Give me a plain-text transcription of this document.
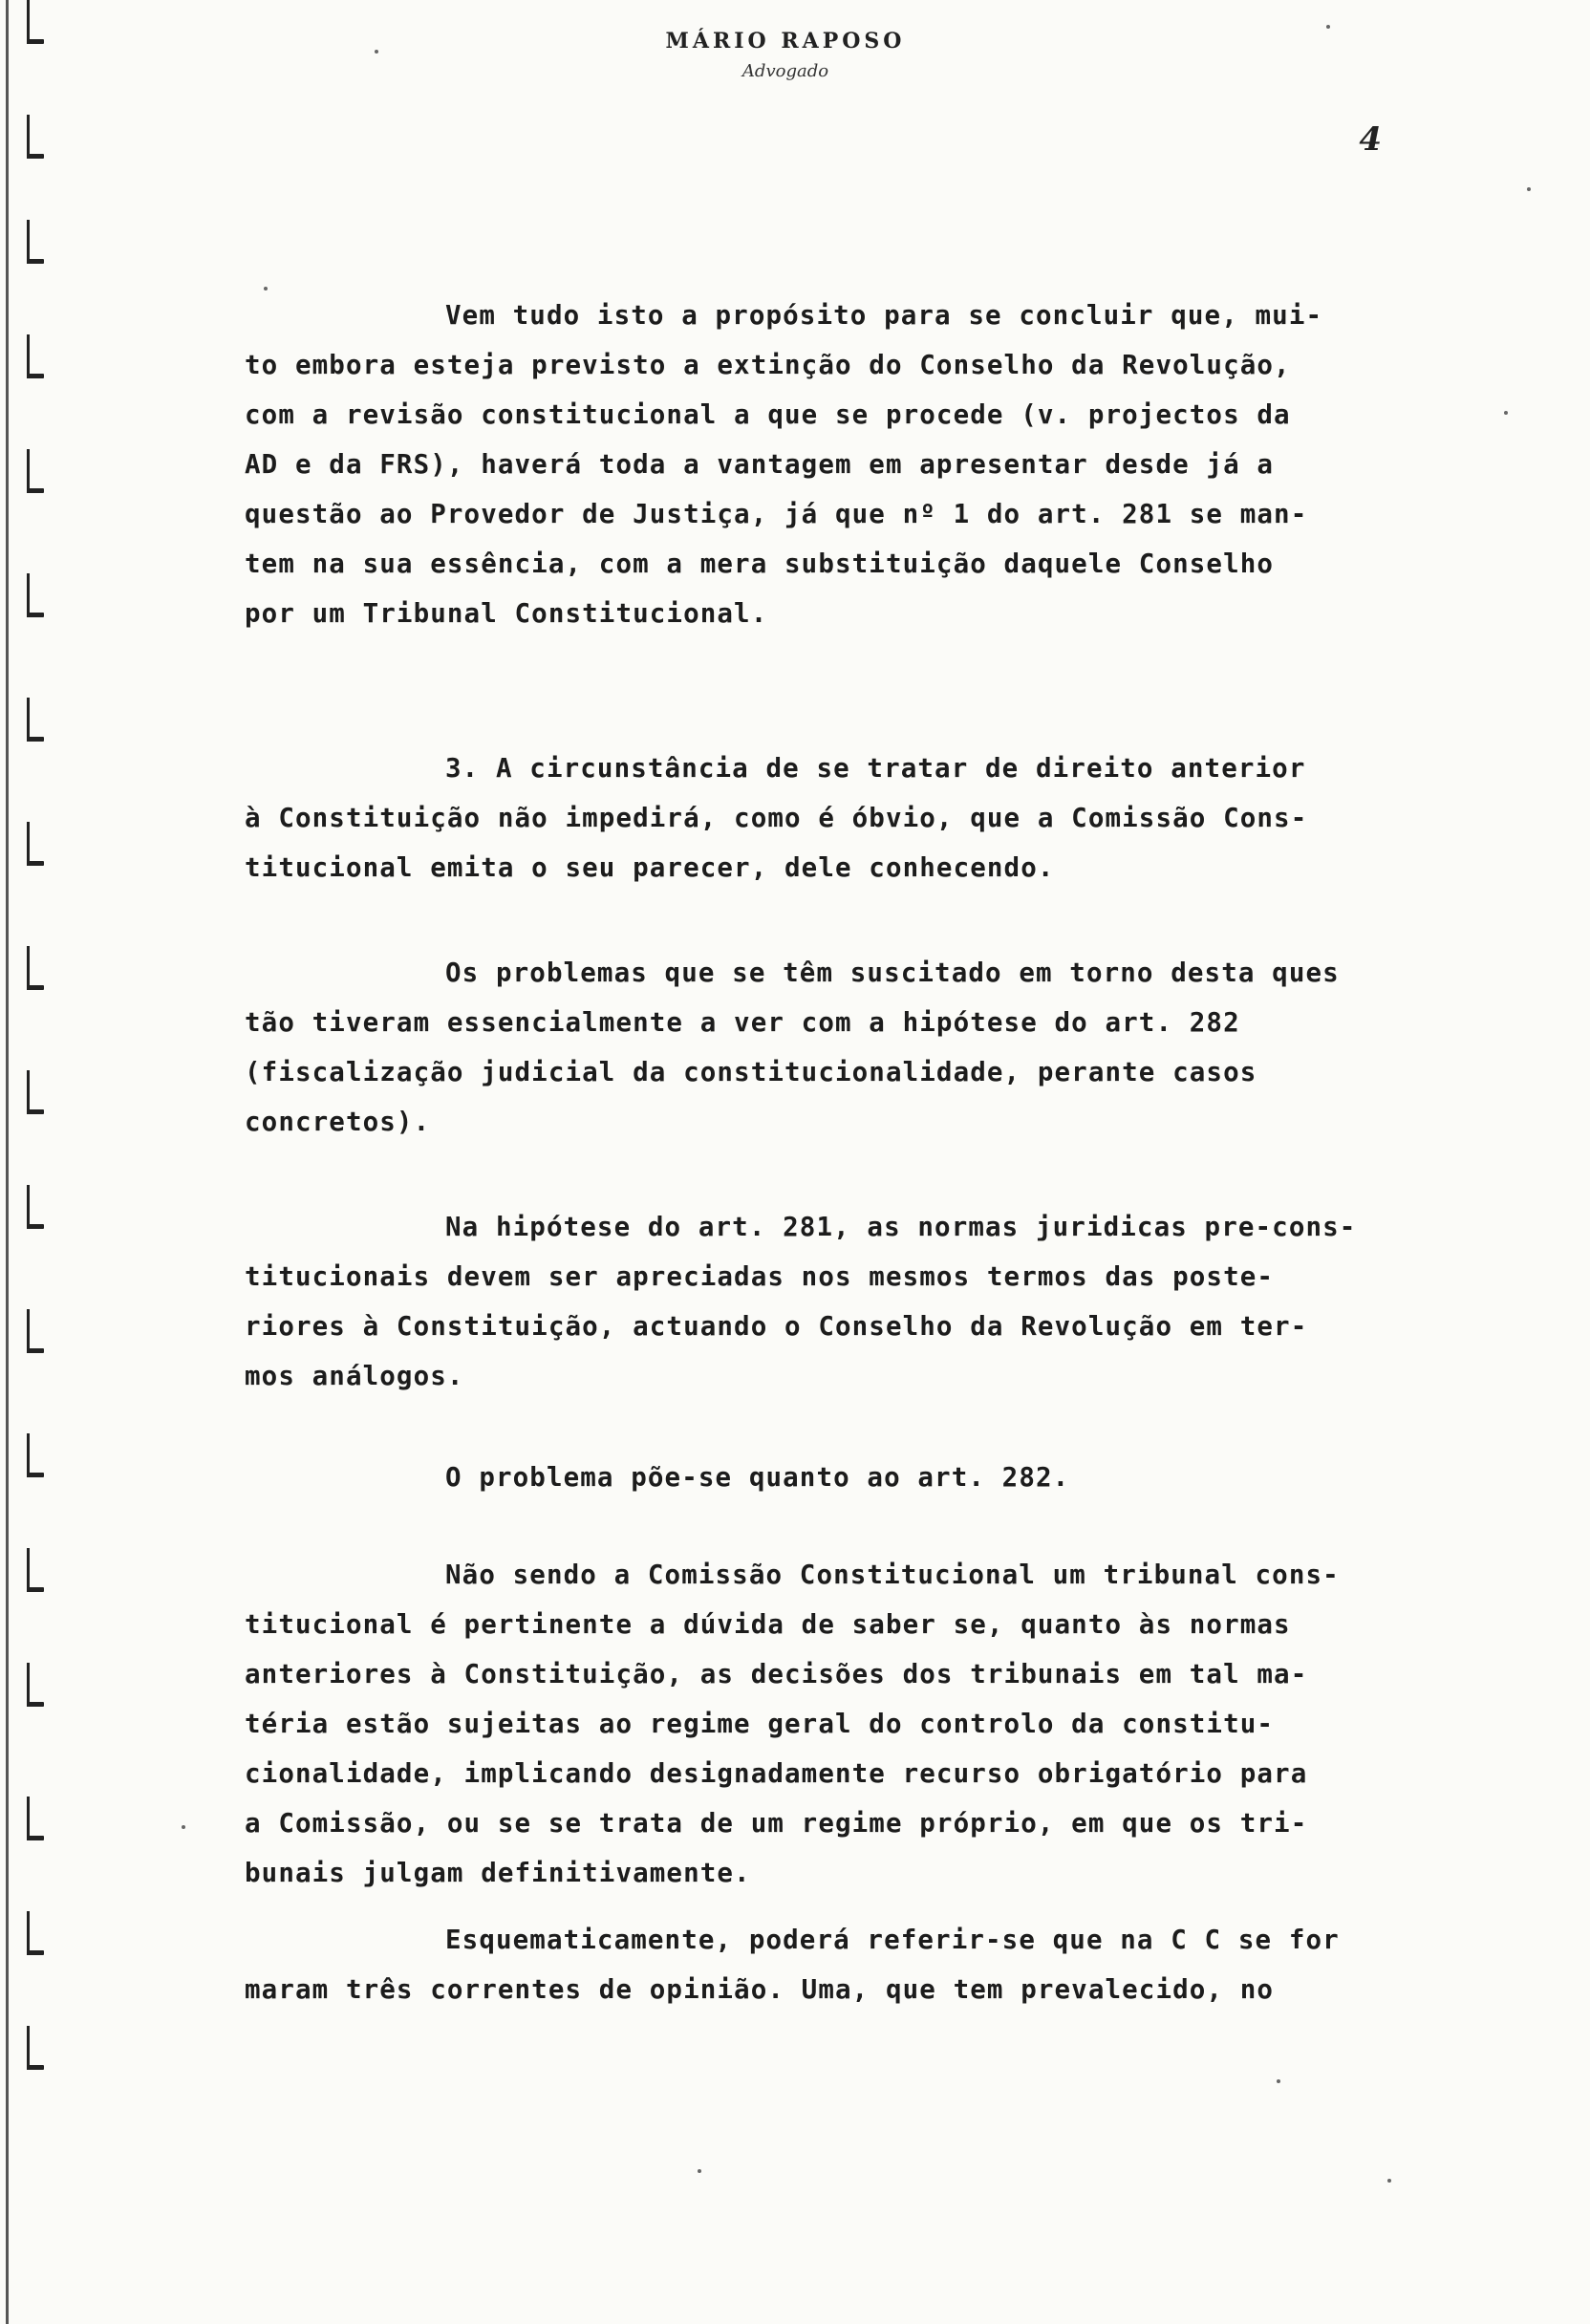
MÁRIO RAPOSO
Advogado
4
Vem tudo isto a propósito para se concluir que, mui-
to embora esteja previsto a extinção do Conselho da Revolução,
com a revisão constitucional a que se procede (v. projectos da
AD e da FRS), haverá toda a vantagem em apresentar desde já a
questão ao Provedor de Justiça, já que nº 1 do art. 281 se man-
tem na sua essência, com a mera substituição daquele Conselho
por um Tribunal Constitucional.
3. A circunstância de se tratar de direito anterior
à Constituição não impedirá, como é óbvio, que a Comissão Cons-
titucional emita o seu parecer, dele conhecendo.
Os problemas que se têm suscitado em torno desta ques
tão tiveram essencialmente a ver com a hipótese do art. 282
(fiscalização judicial da constitucionalidade, perante casos
concretos).
Na hipótese do art. 281, as normas juridicas pre-cons-
titucionais devem ser apreciadas nos mesmos termos das poste-
riores à Constituição, actuando o Conselho da Revolução em ter-
mos análogos.
O problema põe-se quanto ao art. 282.
Não sendo a Comissão Constitucional um tribunal cons-
titucional é pertinente a dúvida de saber se, quanto às normas
anteriores à Constituição, as decisões dos tribunais em tal ma-
téria estão sujeitas ao regime geral do controlo da constitu-
cionalidade, implicando designadamente recurso obrigatório para
a Comissão, ou se se trata de um regime próprio, em que os tri-
bunais julgam definitivamente.
Esquematicamente, poderá referir-se que na C C se for
maram três correntes de opinião. Uma, que tem prevalecido, no
